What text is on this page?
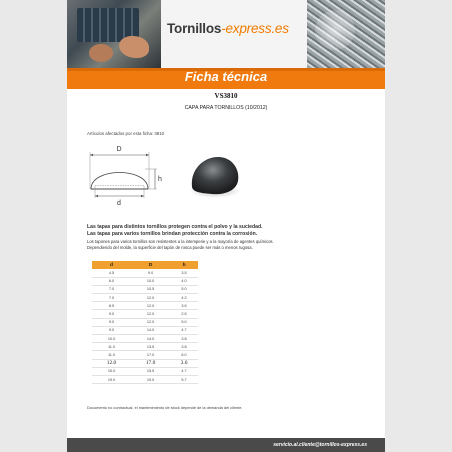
Tornillos-express.es
Ficha técnica
VS3810
CAPA PARA TORNILLOS (10/2012)
Artículos afectados por esta ficha: 3810
D
h
d
Las tapas para distintos tornillos protegen contra el polvo y la suciedad.
Las tapas para varios tornillos brindan protección contra la corrosión.
Los tapones para varios tornillos son resistentes a la intemperie y a la mayoría de agentes químicos.
Dependiendo del molde, la superficie del tapón de rosca puede ser más o menos rugosa.
d	D	h
4.5	9.0	3.5
6.0	10.0	4.0
7.0	10.5	5.0
7.0	12.0	4.2
8.5	12.0	3.5
9.0	12.0	2.5
9.0	12.0	5.0
9.0	14.0	4.7
10.0	14.0	3.8
11.0	13.5	3.8
11.0	17.0	6.0
12.0	17.0	3.6
15.0	15.5	4.7
19.0	19.0	5.7
Documento no contractual, el mantenimiento de stock depende de la demanda del cliente.
servicio.al.cliente@tornillos-express.es
